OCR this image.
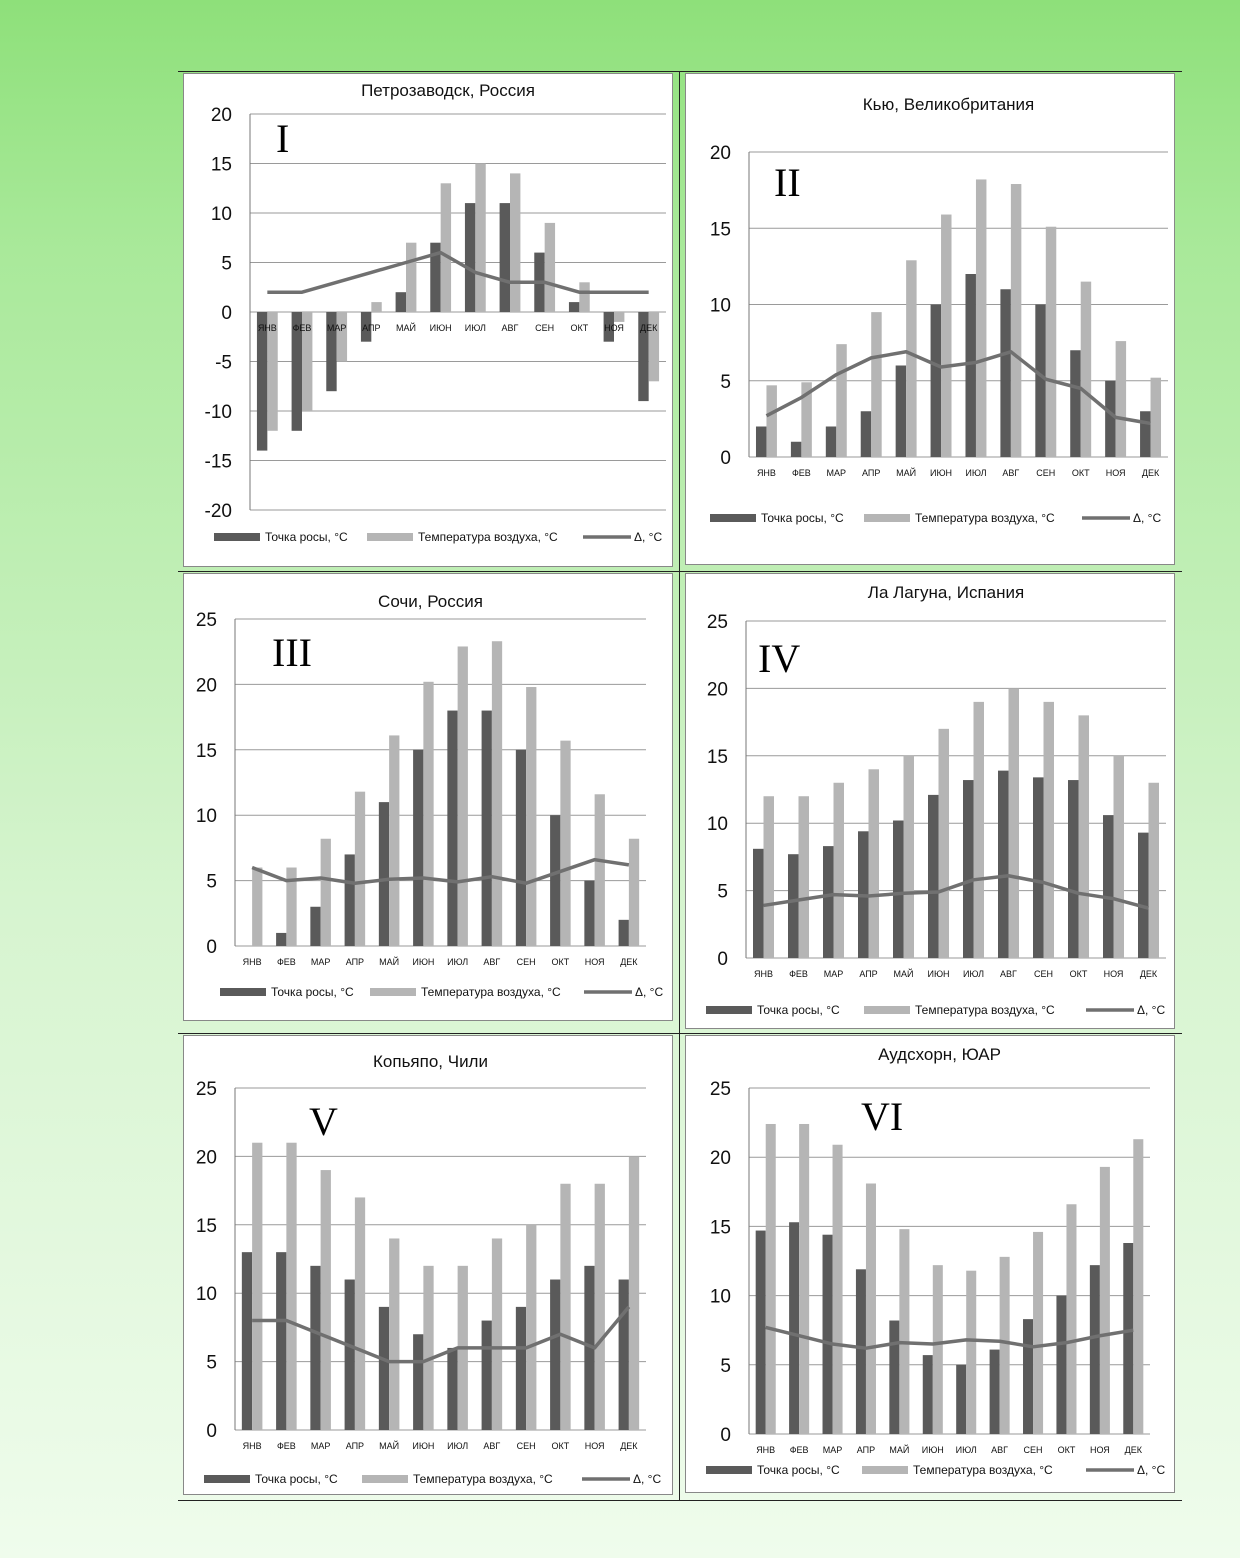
Петрозаводск, Россия
-20
-15
-10
-5
0
5
10
15
20
ЯНВ ФЕВ МАР АПР МАЙ ИЮН ИЮЛ АВГ СЕН ОКТ НОЯ ДЕК
I
Точка росы, °C	Температура воздуха, °C	Δ, °C
Кью, Великобритания
0
5
10
15
20
ЯНВ ФЕВ МАР АПР МАЙ ИЮН ИЮЛ АВГ СЕН ОКТ НОЯ ДЕК
II
Точка росы, °C	Температура воздуха, °C	Δ, °C
Сочи, Россия
0
5
10
15
20
25
ЯНВ ФЕВ МАР АПР МАЙ ИЮН ИЮЛ АВГ СЕН ОКТ НОЯ ДЕК
III
Точка росы, °C	Температура воздуха, °C	Δ, °C
Ла Лагуна, Испания
0
5
10
15
20
25
ЯНВ ФЕВ МАР АПР МАЙ ИЮН ИЮЛ АВГ СЕН ОКТ НОЯ ДЕК
IV
Точка росы, °C	Температура воздуха, °C	Δ, °C
Копьяпо, Чили
0
5
10
15
20
25
ЯНВ ФЕВ МАР АПР МАЙ ИЮН ИЮЛ АВГ СЕН ОКТ НОЯ ДЕК
V
Точка росы, °C	Температура воздуха, °C	Δ, °C
Аудсхорн, ЮАР
0
5
10
15
20
25
ЯНВ ФЕВ МАР АПР МАЙ ИЮН ИЮЛ АВГ СЕН ОКТ НОЯ ДЕК
VI
Точка росы, °C	Температура воздуха, °C	Δ, °C
